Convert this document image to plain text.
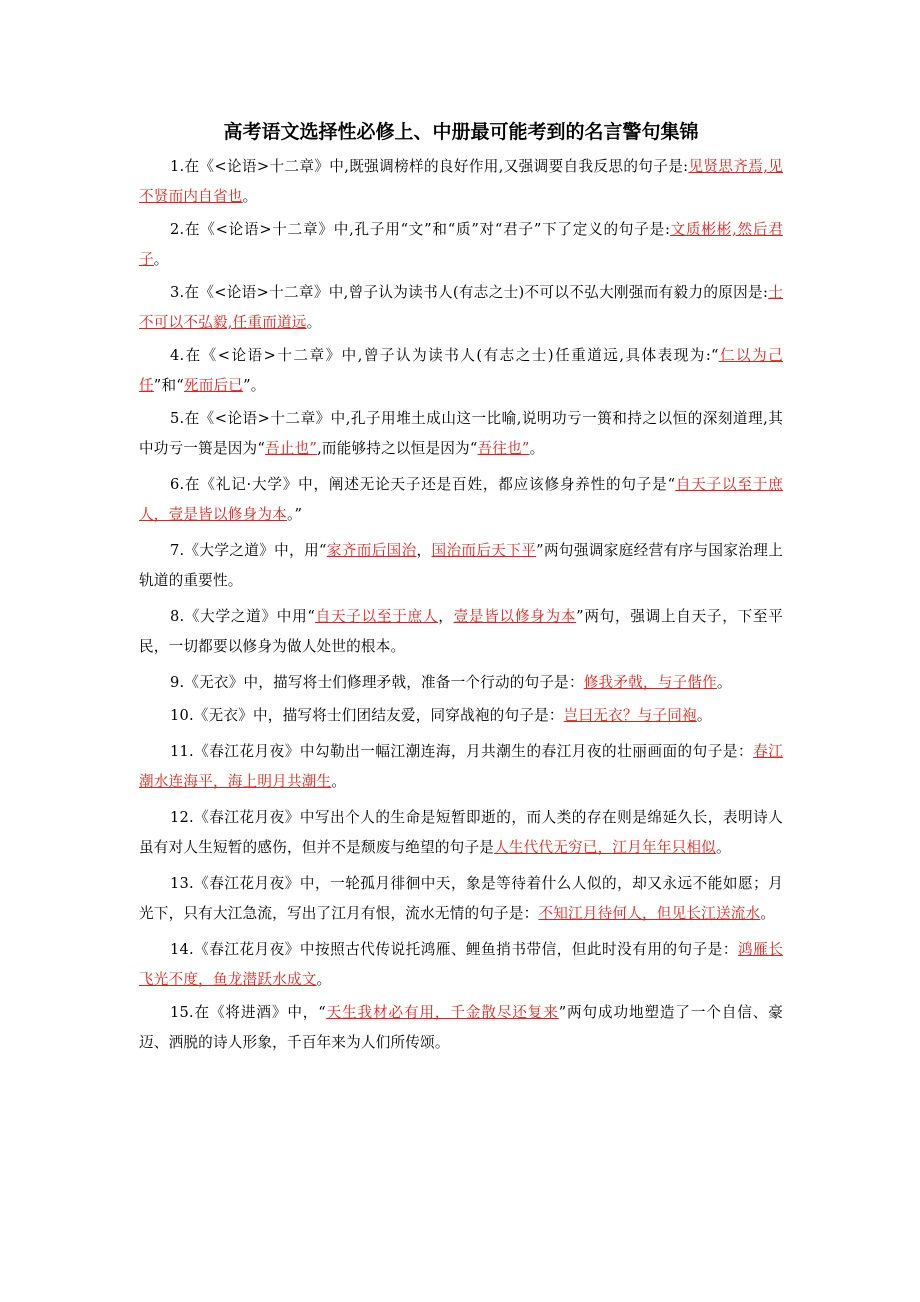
高考语文选择性必修上、中册最可能考到的名言警句集锦

1.在《<论语>十二章》中,既强调榜样的良好作用,又强调要自我反思的句子是:见贤思齐焉,见不贤而内自省也。

2.在《<论语>十二章》中,孔子用“文”和“质”对“君子”下了定义的句子是:文质彬彬,然后君子。

3.在《<论语>十二章》中,曾子认为读书人(有志之士)不可以不弘大刚强而有毅力的原因是:士不可以不弘毅,任重而道远。

4.在《<论语>十二章》中,曾子认为读书人(有志之士)任重道远,具体表现为:“仁以为己任”和“死而后已”。

5.在《<论语>十二章》中,孔子用堆土成山这一比喻,说明功亏一篑和持之以恒的深刻道理,其中功亏一篑是因为“吾止也”,而能够持之以恒是因为“吾往也”。

6.在《礼记·大学》中，阐述无论天子还是百姓，都应该修身养性的句子是“自天子以至于庶人，壹是皆以修身为本。”

7.《大学之道》中，用“家齐而后国治，国治而后天下平”两句强调家庭经营有序与国家治理上轨道的重要性。

8.《大学之道》中用“自天子以至于庶人，壹是皆以修身为本”两句，强调上自天子，下至平民，一切都要以修身为做人处世的根本。

9.《无衣》中，描写将士们修理矛戟，准备一个行动的句子是：修我矛戟，与子偕作。

10.《无衣》中，描写将士们团结友爱，同穿战袍的句子是：岂曰无衣？与子同袍。

11.《春江花月夜》中勾勒出一幅江潮连海，月共潮生的春江月夜的壮丽画面的句子是：春江潮水连海平，海上明月共潮生。

12.《春江花月夜》中写出个人的生命是短暂即逝的，而人类的存在则是绵延久长，表明诗人虽有对人生短暂的感伤，但并不是颓废与绝望的句子是人生代代无穷已，江月年年只相似。

13.《春江花月夜》中，一轮孤月徘徊中天，象是等待着什么人似的，却又永远不能如愿；月光下，只有大江急流，写出了江月有恨，流水无情的句子是：不知江月待何人，但见长江送流水。

14.《春江花月夜》中按照古代传说托鸿雁、鲤鱼捎书带信，但此时没有用的句子是：鸿雁长飞光不度，鱼龙潜跃水成文。

15.在《将进酒》中，“天生我材必有用，千金散尽还复来”两句成功地塑造了一个自信、豪迈、洒脱的诗人形象，千百年来为人们所传颂。
